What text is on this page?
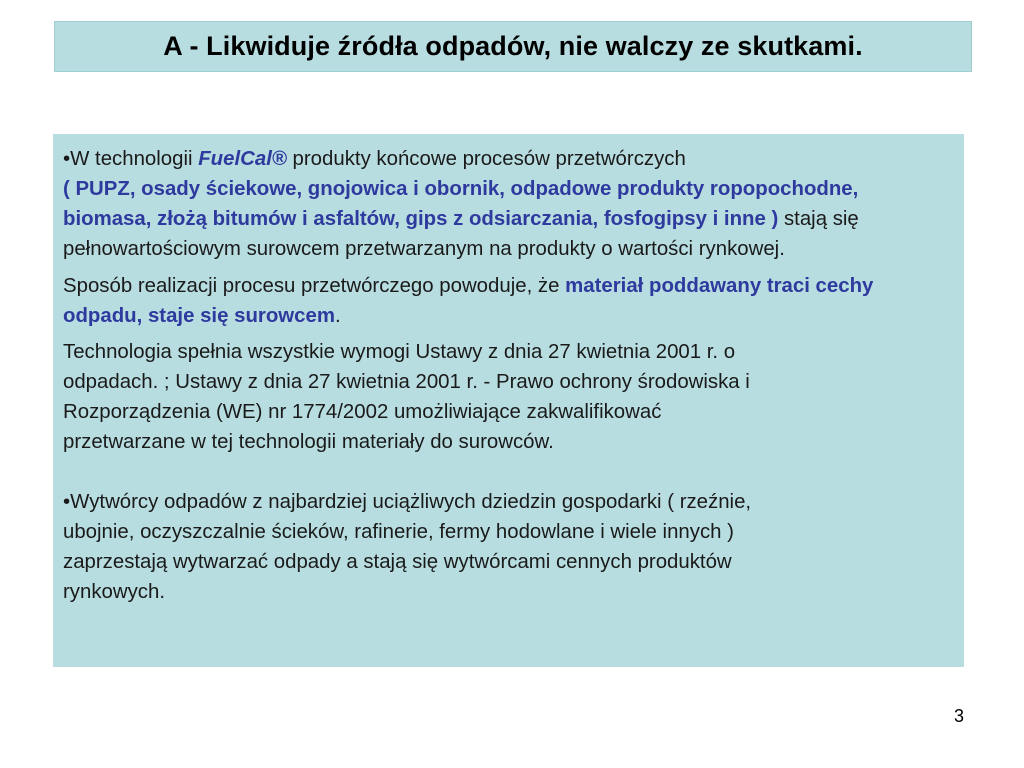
A - Likwiduje źródła odpadów, nie walczy ze skutkami.

•W technologii FuelCal® produkty końcowe procesów przetwórczych
( PUPZ, osady ściekowe, gnojowica i obornik, odpadowe produkty ropopochodne, biomasa, złożą bitumów i asfaltów, gips z odsiarczania, fosfogipsy i inne ) stają się pełnowartościowym surowcem przetwarzanym na produkty o wartości rynkowej.

Sposób realizacji procesu przetwórczego powoduje, że materiał poddawany traci cechy odpadu, staje się surowcem.

Technologia spełnia wszystkie wymogi Ustawy z dnia 27 kwietnia 2001 r. o
odpadach. ; Ustawy z dnia 27 kwietnia 2001 r. - Prawo ochrony środowiska i
Rozporządzenia (WE) nr 1774/2002 umożliwiające zakwalifikować
przetwarzane w tej technologii materiały do surowców.

•Wytwórcy odpadów z najbardziej uciążliwych dziedzin gospodarki ( rzeźnie,
ubojnie, oczyszczalnie ścieków, rafinerie, fermy hodowlane i wiele innych )
zaprzestają wytwarzać odpady a stają się wytwórcami cennych produktów
rynkowych.

3
